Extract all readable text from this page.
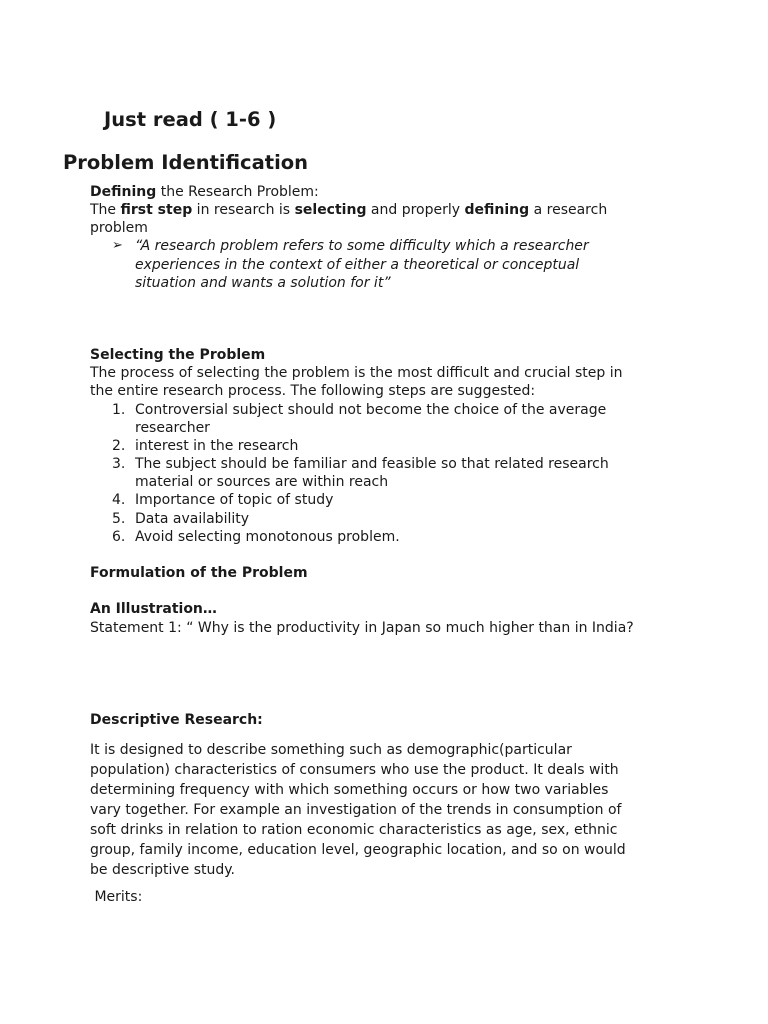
Just read ( 1-6 )
Problem Identification
Defining the Research Problem:
The first step in research is selecting and properly defining a research
problem
➢ “A research problem refers to some difficulty which a researcher
experiences in the context of either a theoretical or conceptual
situation and wants a solution for it”
Selecting the Problem
The process of selecting the problem is the most difficult and crucial step in
the entire research process. The following steps are suggested:
1. Controversial subject should not become the choice of the average
researcher
2. interest in the research
3. The subject should be familiar and feasible so that related research
material or sources are within reach
4. Importance of topic of study
5. Data availability
6. Avoid selecting monotonous problem.
Formulation of the Problem
An Illustration…
Statement 1: “ Why is the productivity in Japan so much higher than in India?
Descriptive Research:
It is designed to describe something such as demographic(particular
population) characteristics of consumers who use the product. It deals with
determining frequency with which something occurs or how two variables
vary together. For example an investigation of the trends in consumption of
soft drinks in relation to ration economic characteristics as age, sex, ethnic
group, family income, education level, geographic location, and so on would
be descriptive study.
Merits:
